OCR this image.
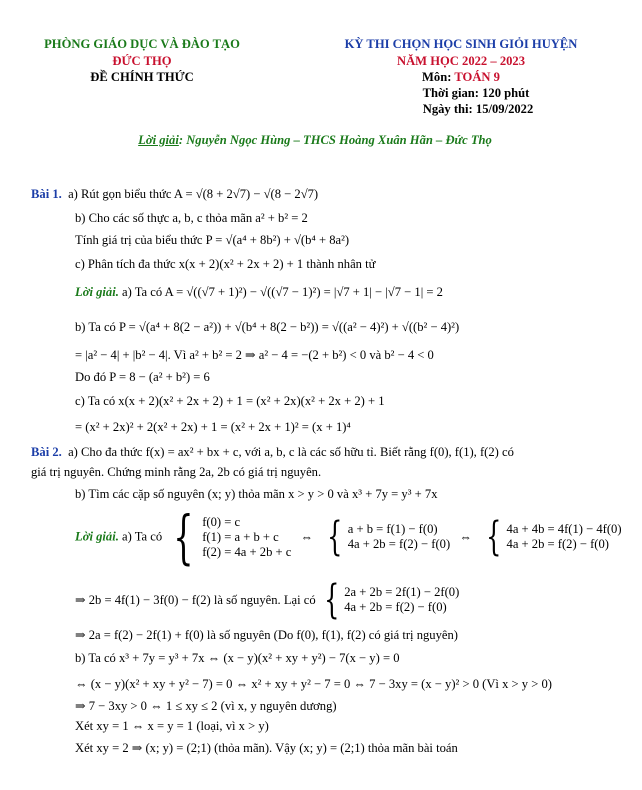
PHÒNG GIÁO DỤC VÀ ĐÀO TẠO
ĐỨC THỌ
ĐỀ CHÍNH THỨC
KỲ THI CHỌN HỌC SINH GIỎI HUYỆN
NĂM HỌC 2022 – 2023
Môn: TOÁN 9
Thời gian: 120 phút
Ngày thi: 15/09/2022
Lời giải: Nguyễn Ngọc Hùng – THCS Hoàng Xuân Hãn – Đức Thọ
Bài 1. a) Rút gọn biểu thức A = √(8 + 2√7) − √(8 − 2√7)
b) Cho các số thực a, b, c thỏa mãn a² + b² = 2
Tính giá trị của biểu thức P = √(a⁴ + 8b²) + √(b⁴ + 8a²)
c) Phân tích đa thức x(x + 2)(x² + 2x + 2) + 1 thành nhân tử
Lời giải. a) Ta có A = √((√7 + 1)²) − √((√7 − 1)²) = |√7 + 1| − |√7 − 1| = 2
b) Ta có P = √(a⁴ + 8(2 − a²)) + √(b⁴ + 8(2 − b²)) = √((a² − 4)²) + √((b² − 4)²)
= |a² − 4| + |b² − 4|. Vì a² + b² = 2 ⇒ a² − 4 = −(2 + b²) < 0 và b² − 4 < 0
Do đó P = 8 − (a² + b²) = 6
c) Ta có x(x + 2)(x² + 2x + 2) + 1 = (x² + 2x)(x² + 2x + 2) + 1
= (x² + 2x)² + 2(x² + 2x) + 1 = (x² + 2x + 1)² = (x + 1)⁴
Bài 2. a) Cho đa thức f(x) = ax² + bx + c, với a, b, c là các số hữu tỉ. Biết rằng f(0), f(1), f(2) có
giá trị nguyên. Chứng minh rằng 2a, 2b có giá trị nguyên.
b) Tìm các cặp số nguyên (x; y) thỏa mãn x > y > 0 và x³ + 7y = y³ + 7x
Lời giải. a) Ta có { f(0) = c
f(1) = a + b + c
f(2) = 4a + 2b + c ⇔ { a + b = f(1) − f(0)
4a + 2b = f(2) − f(0) ⇔ { 4a + 4b = 4f(1) − 4f(0)
4a + 2b = f(2) − f(0)
⇒ 2b = 4f(1) − 3f(0) − f(2) là số nguyên. Lại có { 2a + 2b = 2f(1) − 2f(0)
4a + 2b = f(2) − f(0)
⇒ 2a = f(2) − 2f(1) + f(0) là số nguyên (Do f(0), f(1), f(2) có giá trị nguyên)
b) Ta có x³ + 7y = y³ + 7x ⇔ (x − y)(x² + xy + y²) − 7(x − y) = 0
⇔ (x − y)(x² + xy + y² − 7) = 0 ⇔ x² + xy + y² − 7 = 0 ⇔ 7 − 3xy = (x − y)² > 0 (Vì x > y > 0)
⇒ 7 − 3xy > 0 ⇔ 1 ≤ xy ≤ 2 (vì x, y nguyên dương)
Xét xy = 1 ⇔ x = y = 1 (loại, vì x > y)
Xét xy = 2 ⇒ (x; y) = (2;1) (thỏa mãn). Vậy (x; y) = (2;1) thỏa mãn bài toán
